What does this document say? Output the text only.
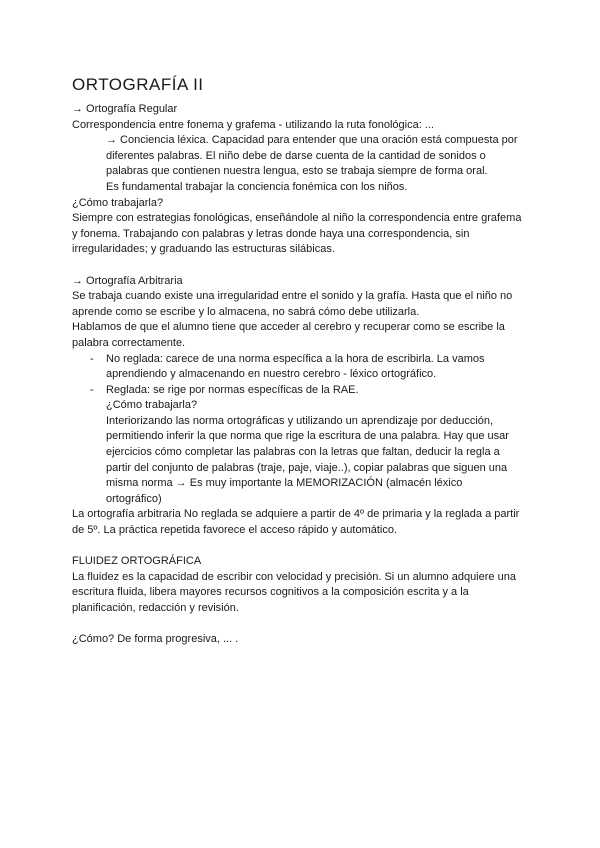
ORTOGRAFÍA II
→ Ortografía Regular
Correspondencia entre fonema y grafema - utilizando la ruta fonológica: ...
→ Conciencia léxica. Capacidad para entender que una oración está compuesta por
diferentes palabras. El niño debe de darse cuenta de la cantidad de sonidos o
palabras que contienen nuestra lengua, esto se trabaja siempre de forma oral.
Es fundamental trabajar la conciencia fonémica con los niños.
¿Cómo trabajarla?
Siempre con estrategias fonológicas, enseñándole al niño la correspondencia entre grafema
y fonema. Trabajando con palabras y letras donde haya una correspondencia, sin
irregularidades; y graduando las estructuras silábicas.
→ Ortografía Arbitraria
Se trabaja cuando existe una irregularidad entre el sonido y la grafía. Hasta que el niño no
aprende como se escribe y lo almacena, no sabrá cómo debe utilizarla.
Hablamos de que el alumno tiene que acceder al cerebro y recuperar como se escribe la
palabra correctamente.
-	No reglada: carece de una norma específica a la hora de escribirla. La vamos
aprendiendo y almacenando en nuestro cerebro - léxico ortográfico.
-	Reglada: se rige por normas específicas de la RAE.
¿Cómo trabajarla?
Interiorizando las norma ortográficas y utilizando un aprendizaje por deducción,
permitiendo inferir la que norma que rige la escritura de una palabra. Hay que usar
ejercicios cómo completar las palabras con la letras que faltan, deducir la regla a
partir del conjunto de palabras (traje, paje, viaje..), copiar palabras que siguen una
misma norma → Es muy importante la MEMORIZACIÓN (almacén léxico
ortográfico)
La ortografía arbitraria No reglada se adquiere a partir de 4º de primaria y la reglada a partir
de 5º. La práctica repetida favorece el acceso rápido y automático.
FLUIDEZ ORTOGRÁFICA
La fluidez es la capacidad de escribir con velocidad y precisión. Si un alumno adquiere una
escritura fluida, libera mayores recursos cognitivos a la composición escrita y a la
planificación, redacción y revisión.
¿Cómo? De forma progresiva, ... .
